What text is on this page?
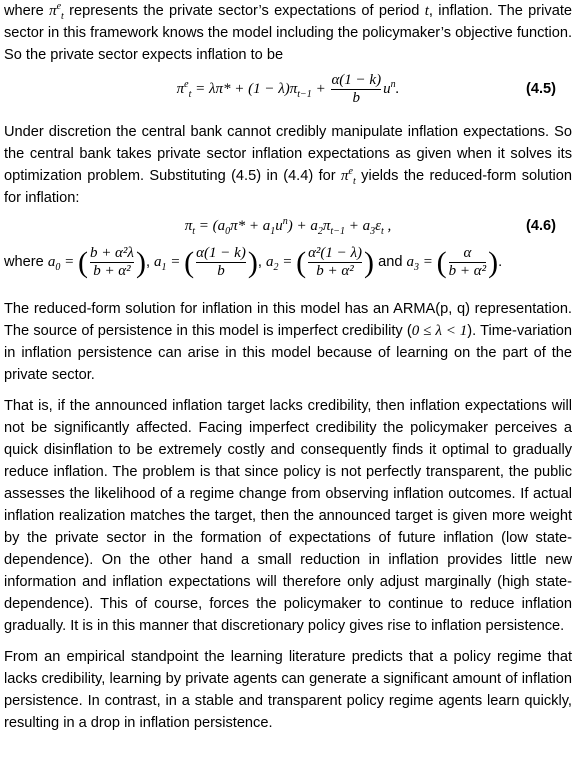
where $\pi^e_t$ represents the private sector’s expectations of period t, inflation. The private sector in this framework knows the model including the policymaker’s objective function. So the private sector expects inflation to be

$\pi^e_t = \lambda\pi* + (1 - \lambda)\pi_{t-1} + \frac{\alpha(1 - k)}{b} u^n$.	(4.5)

Under discretion the central bank cannot credibly manipulate inflation expectations. So the central bank takes private sector inflation expectations as given when it solves its optimization problem. Substituting (4.5) in (4.4) for $\pi^e_t$ yields the reduced-form solution for inflation:

$\pi_t = (a_0\pi* + a_1u^n) + a_2\pi_{t-1} + a_3\varepsilon_t$ ,	(4.6)
where $a_0$ = ( $\frac{\text{b + α²λ}}{\text{b + α²}}$ ), $a_1$ = ( $\frac{\alpha(1 - k)}{b}$ ), $a_2$ = ( $\frac{\text{α²(1 − λ)}}{\text{b + α²}}$ ) and $a_3$ = ( $\frac{\alpha}{\text{b + α²}}$ ).

The reduced-form solution for inflation in this model has an ARMA(p, q) representation. The source of persistence in this model is imperfect credibility (0 ≤ λ < 1). Time-variation in inflation persistence can arise in this model because of learning on the part of the private sector.

That is, if the announced inflation target lacks credibility, then inflation expectations will not be significantly affected. Facing imperfect credibility the policymaker perceives a quick disinflation to be extremely costly and consequently finds it optimal to gradually reduce inflation. The problem is that since policy is not perfectly transparent, the public assesses the likelihood of a regime change from observing inflation outcomes. If actual inflation realization matches the target, then the announced target is given more weight by the private sector in the formation of expectations of future inflation (low state-dependence). On the other hand a small reduction in inflation provides little new information and inflation expectations will therefore only adjust marginally (high state-dependence). This of course, forces the policymaker to continue to reduce inflation gradually. It is in this manner that discretionary policy gives rise to inflation persistence.

From an empirical standpoint the learning literature predicts that a policy regime that lacks credibility, learning by private agents can generate a significant amount of inflation persistence. In contrast, in a stable and transparent policy regime agents learn quickly, resulting in a drop in inflation persistence.
